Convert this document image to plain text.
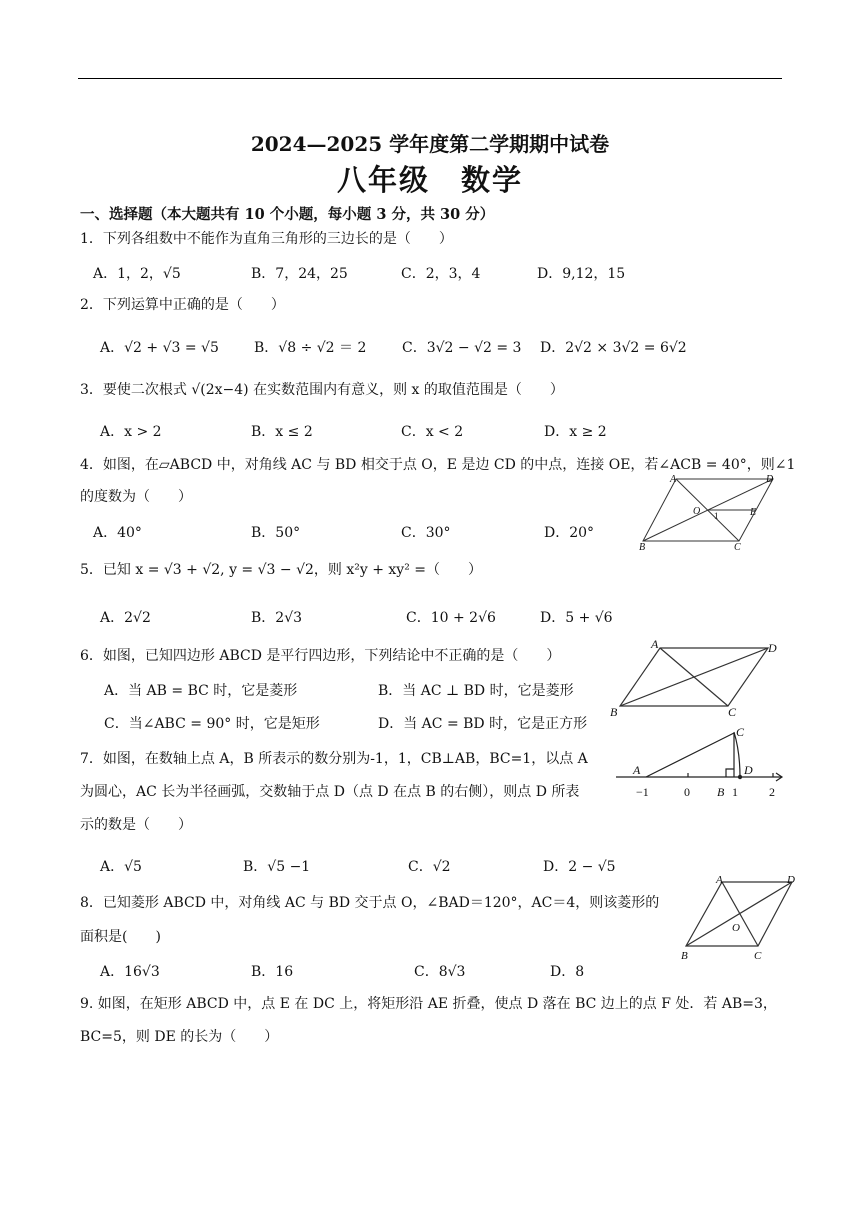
2024—2025 学年度第二学期期中试卷
八年级　数学
一、选择题（本大题共有 10 个小题，每小题 3 分，共 30 分）
1．下列各组数中不能作为直角三角形的三边长的是（　　）
A．1，2，√5	B．7，24，25	C．2，3，4	D．9,12，15
2．下列运算中正确的是（　　）
A．√2 + √3 = √5	B．√8 ÷ √2 ＝ 2	C．3√2 − √2 = 3 D．2√2 × 3√2 = 6√2
3．要使二次根式 √(2x−4) 在实数范围内有意义，则 x 的取值范围是（　　）
A．x > 2	B．x ≤ 2	C．x < 2	D．x ≥ 2
4．如图，在▱ABCD 中，对角线 AC 与 BD 相交于点 O，E 是边 CD 的中点，连接 OE，若∠ACB = 40°，则∠1
的度数为（　　）
A．40°	B．50°	C．30°	D．20°
A	D
O 1	E
B	C
5．已知 x = √3 + √2, y = √3 − √2，则 x²y + xy² =（　　）
A．2√2	B．2√3	C．10 + 2√6	D．5 + √6
6．如图，已知四边形 ABCD 是平行四边形，下列结论中不正确的是（　　）
A．当 AB = BC 时，它是菱形	B．当 AC ⊥ BD 时，它是菱形
C．当∠ABC = 90° 时，它是矩形	D．当 AC = BD 时，它是正方形
A	D
B	C
7．如图，在数轴上点 A，B 所表示的数分别为-1，1，CB⊥AB，BC=1，以点 A
为圆心，AC 长为半径画弧，交数轴于点 D（点 D 在点 B 的右侧），则点 D 所表
示的数是（　　）
A．√5	B．√5 −1	C．√2	D．2 − √5
C
A	D
−1	0 B 1	2
8．已知菱形 ABCD 中，对角线 AC 与 BD 交于点 O，∠BAD＝120°，AC＝4，则该菱形的
面积是(　　)
A．16√3	B．16	C．8√3	D．8
A	D
O
B	C
9. 如图，在矩形 ABCD 中，点 E 在 DC 上，将矩形沿 AE 折叠，使点 D 落在 BC 边上的点 F 处．若 AB=3，
BC=5，则 DE 的长为（　　）
